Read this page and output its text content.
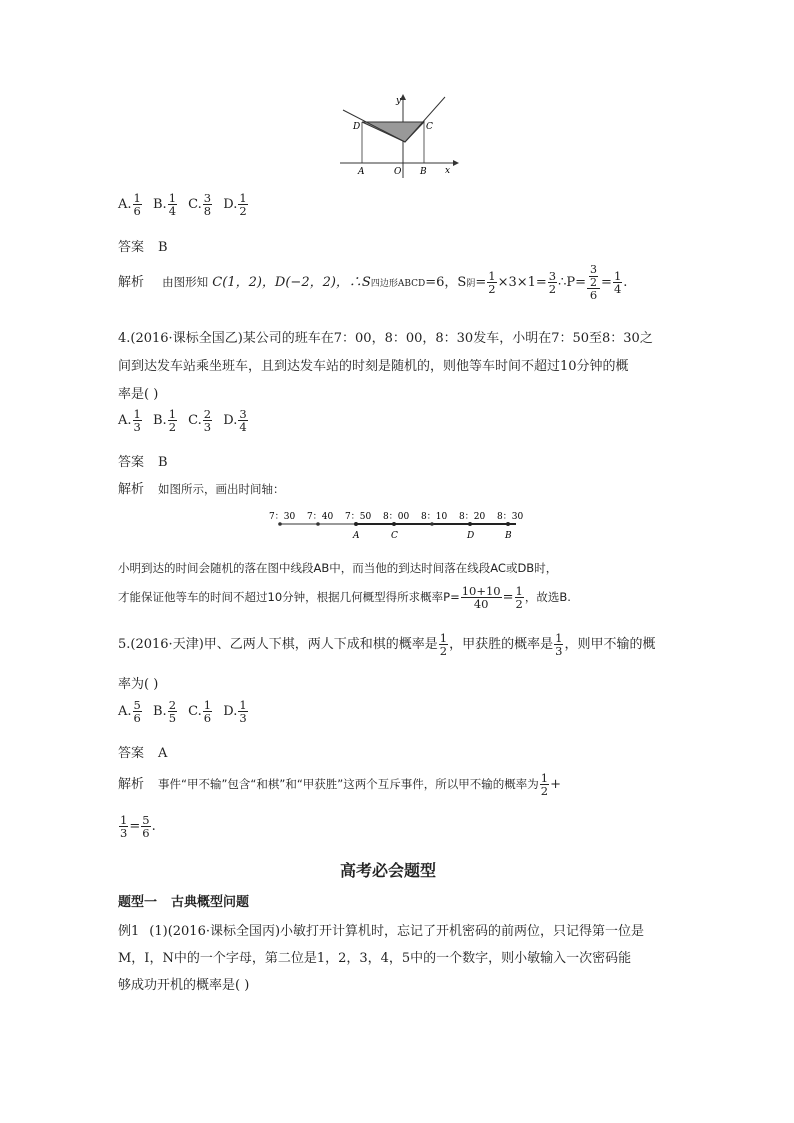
y
x
D	C
A	O B
A. $\frac{1}{6} B$. $\frac{1}{4} C$. $\frac{3}{8} D$. $\frac{1}{2}$
答案 B
解析 由图形知 C(1，2)，D(−2，2)，∴S四边形ABCD=6，S阴= $\frac{1}{2} \times 3\times 1= \frac{3}{2}$ ∴P= $\frac{\frac{3}{2}}{6} = \frac{1}{4}$ .
4.(2016·课标全国乙)某公司的班车在7：00，8：00，8：30发车，小明在7：50至8：30之
间到达发车站乘坐班车，且到达发车站的时刻是随机的，则他等车时间不超过10分钟的概
率是( )
A. $\frac{1}{3} B$. $\frac{1}{2} C$. $\frac{2}{3} D$. $\frac{3}{4}$
答案 B
解析 如图所示，画出时间轴：
7：30 7：40 7：50 8：00 8：10 8：20 8：30
A	C	D	B
小明到达的时间会随机的落在图中线段AB中，而当他的到达时间落在线段AC或DB时，
才能保证他等车的时间不超过10分钟，根据几何概型得所求概率$P= \frac{10+10}{40} = \frac{1}{2}$ ，故选B.
5.(2016·天津)甲、乙两人下棋，两人下成和棋的概率是 $\frac{1}{2}$ ，甲获胜的概率是 $\frac{1}{3}$ ，则甲不输的概
率为( )
A. $\frac{5}{6} B$. $\frac{2}{5} C$. $\frac{1}{6} D$. $\frac{1}{3}$
答案 A
解析 事件“甲不输”包含“和棋”和“甲获胜”这两个互斥事件，所以甲不输的概率为 $\frac{1}{2}$ +
$\frac{1}{3} = \frac{5}{6}$ .
高考必会题型
题型一 古典概型问题
例1 (1)(2016·课标全国丙)小敏打开计算机时，忘记了开机密码的前两位，只记得第一位是
M，I，N中的一个字母，第二位是1，2，3，4，5中的一个数字，则小敏输入一次密码能
够成功开机的概率是( )
